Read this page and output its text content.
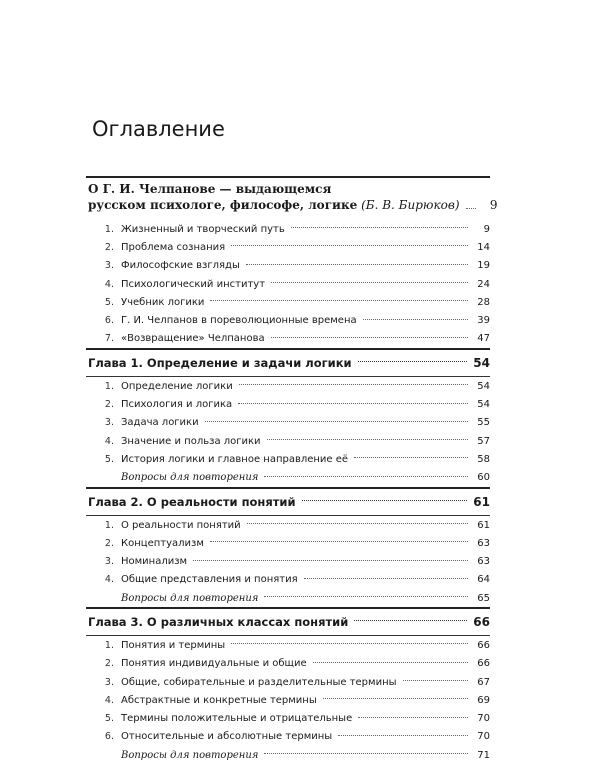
Оглавление
О Г. И. Челпанове — выдающемся
русском психологе, философе, логике
(Б. В. Бирюков)	9
1. Жизненный и творческий путь	9
2. Проблема сознания	14
3. Философские взгляды	19
4. Психологический институт	24
5. Учебник логики	28
6. Г. И. Челпанов в пореволюционные времена	39
7. «Возвращение» Челпанова	47
Глава 1. Определение и задачи логики	54
1. Определение логики	54
2. Психология и логика	54
3. Задача логики	55
4. Значение и польза логики	57
5. История логики и главное направление её	58
Вопросы для повторения	60
Глава 2. О реальности понятий	61
1. О реальности понятий	61
2. Концептуализм	63
3. Номинализм	63
4. Общие представления и понятия	64
Вопросы для повторения	65
Глава 3. О различных классах понятий	66
1. Понятия и термины	66
2. Понятия индивидуальные и общие	66
3. Общие, собирательные и разделительные термины	67
4. Абстрактные и конкретные термины	69
5. Термины положительные и отрицательные	70
6. Относительные и абсолютные термины	70
Вопросы для повторения	71
